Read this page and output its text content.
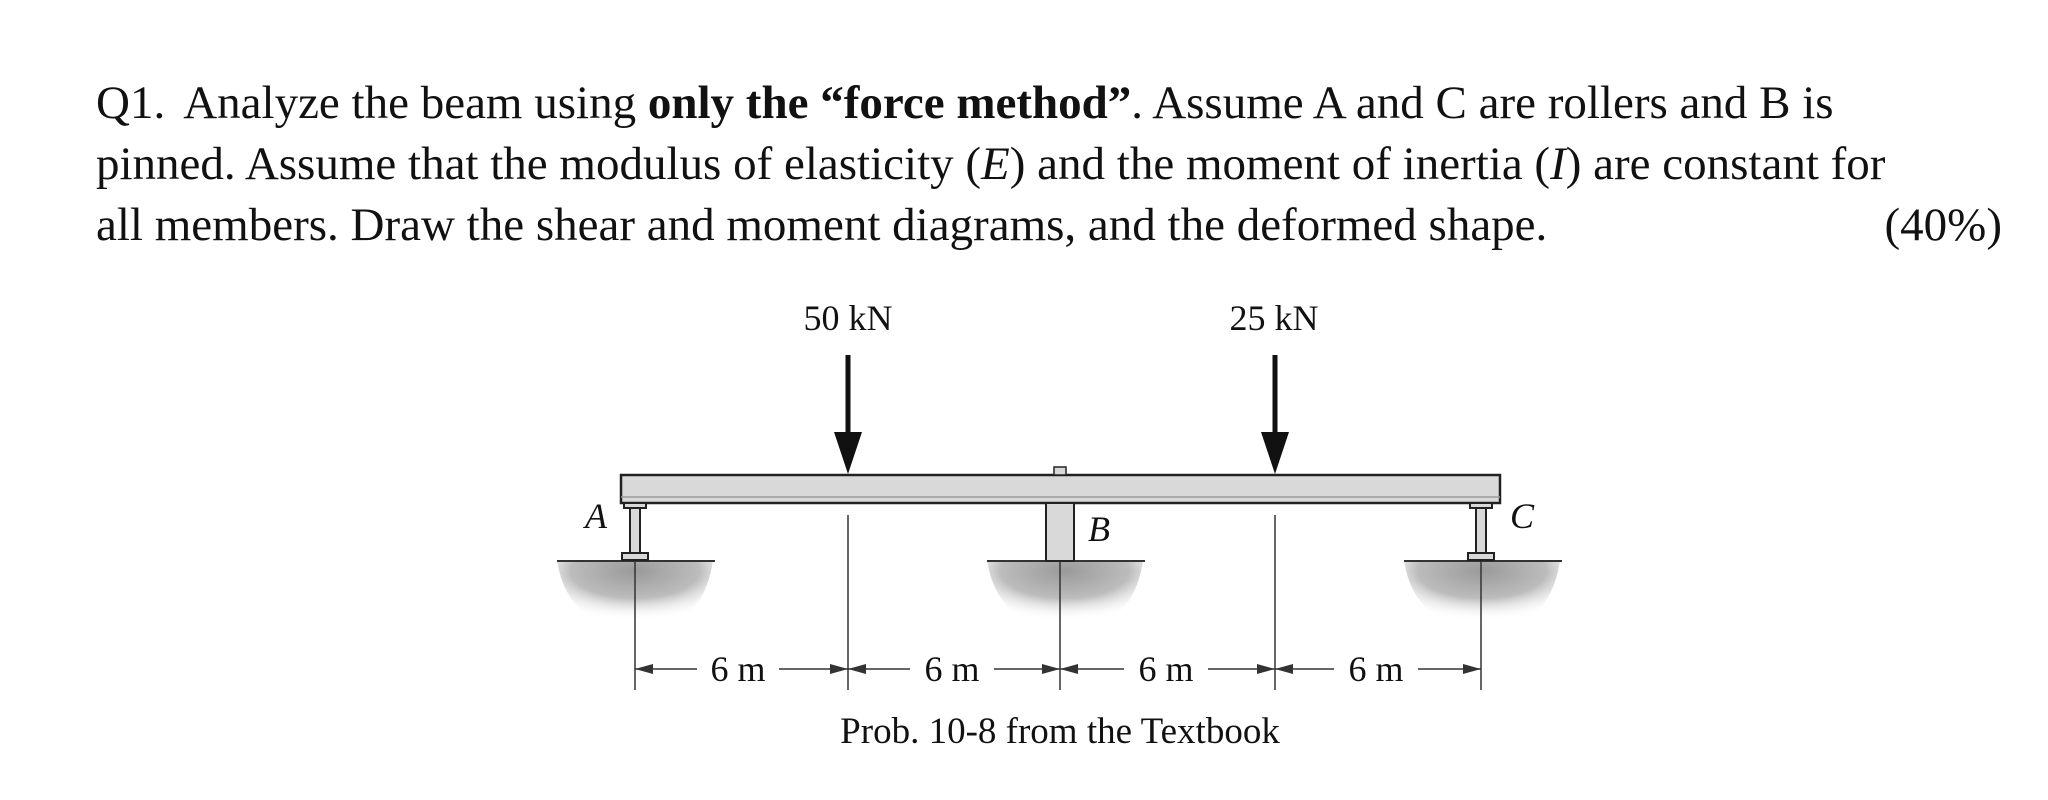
Q1. Analyze the beam using only the “force method”. Assume A and C are rollers and B is
pinned. Assume that the modulus of elasticity (E) and the moment of inertia (I) are constant for
all members. Draw the shear and moment diagrams, and the deformed shape.	(40%)
A	B	C
50 kN	25 kN
6 m	6 m	6 m	6 m
Prob. 10-8 from the Textbook
